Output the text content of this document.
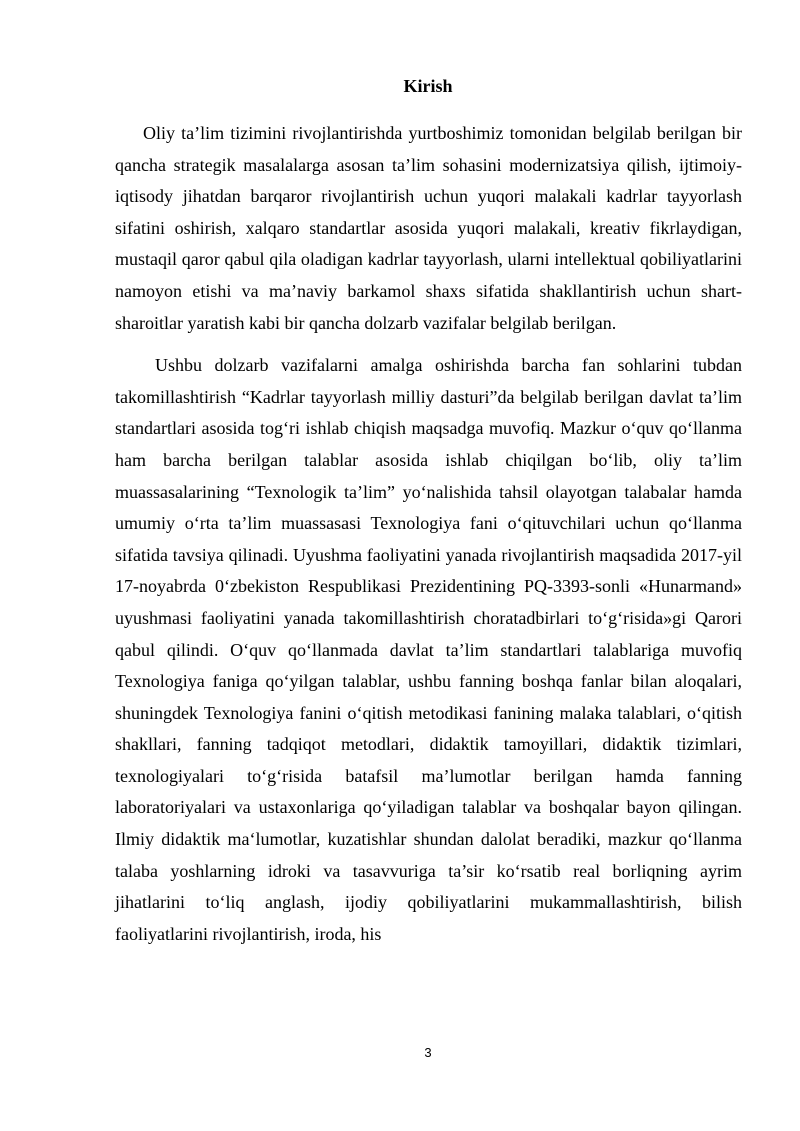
Kirish

Oliy ta’lim tizimini rivojlantirishda yurtboshimiz tomonidan belgilab berilgan bir qancha strategik masalalarga asosan ta’lim sohasini modernizatsiya qilish, ijtimoiy-iqtisody jihatdan barqaror rivojlantirish uchun yuqori malakali kadrlar tayyorlash sifatini oshirish, xalqaro standartlar asosida yuqori malakali, kreativ fikrlaydigan, mustaqil qaror qabul qila oladigan kadrlar tayyorlash, ularni intellektual qobiliyatlarini namoyon etishi va ma’naviy barkamol shaxs sifatida shakllantirish uchun shart-sharoitlar yaratish kabi bir qancha dolzarb vazifalar belgilab berilgan.

Ushbu dolzarb vazifalarni amalga oshirishda barcha fan sohlarini tubdan takomillashtirish “Kadrlar tayyorlash milliy dasturi”da belgilab berilgan davlat ta’lim standartlari asosida tog‘ri ishlab chiqish maqsadga muvofiq. Mazkur o‘quv qo‘llanma ham barcha berilgan talablar asosida ishlab chiqilgan bo‘lib, oliy ta’lim muassasalarining “Texnologik ta’lim” yo‘nalishida tahsil olayotgan talabalar hamda umumiy o‘rta ta’lim muassasasi Texnologiya fani o‘qituvchilari uchun qo‘llanma sifatida tavsiya qilinadi. Uyushma faoliyatini yanada rivojlantirish maqsadida 2017-yil 17-noyabrda 0‘zbekiston Respublikasi Prezidentining PQ-3393-sonli «Hunarmand» uyushmasi faoliyatini yanada takomillashtirish choratadbirlari to‘g‘risida»gi Qarori qabul qilindi. O‘quv qo‘llanmada davlat ta’lim standartlari talablariga muvofiq Texnologiya faniga qo‘yilgan talablar, ushbu fanning boshqa fanlar bilan aloqalari, shuningdek Texnologiya fanini o‘qitish metodikasi fanining malaka talablari, o‘qitish shakllari, fanning tadqiqot metodlari, didaktik tamoyillari, didaktik tizimlari, texnologiyalari to‘g‘risida batafsil ma’lumotlar berilgan hamda fanning laboratoriyalari va ustaxonlariga qo‘yiladigan talablar va boshqalar bayon qilingan. Ilmiy didaktik ma‘lumotlar, kuzatishlar shundan dalolat beradiki, mazkur qo‘llanma talaba yoshlarning idroki va tasavvuriga ta’sir ko‘rsatib real borliqning ayrim jihatlarini to‘liq anglash, ijodiy qobiliyatlarini mukammallashtirish, bilish faoliyatlarini rivojlantirish, iroda, his

3
